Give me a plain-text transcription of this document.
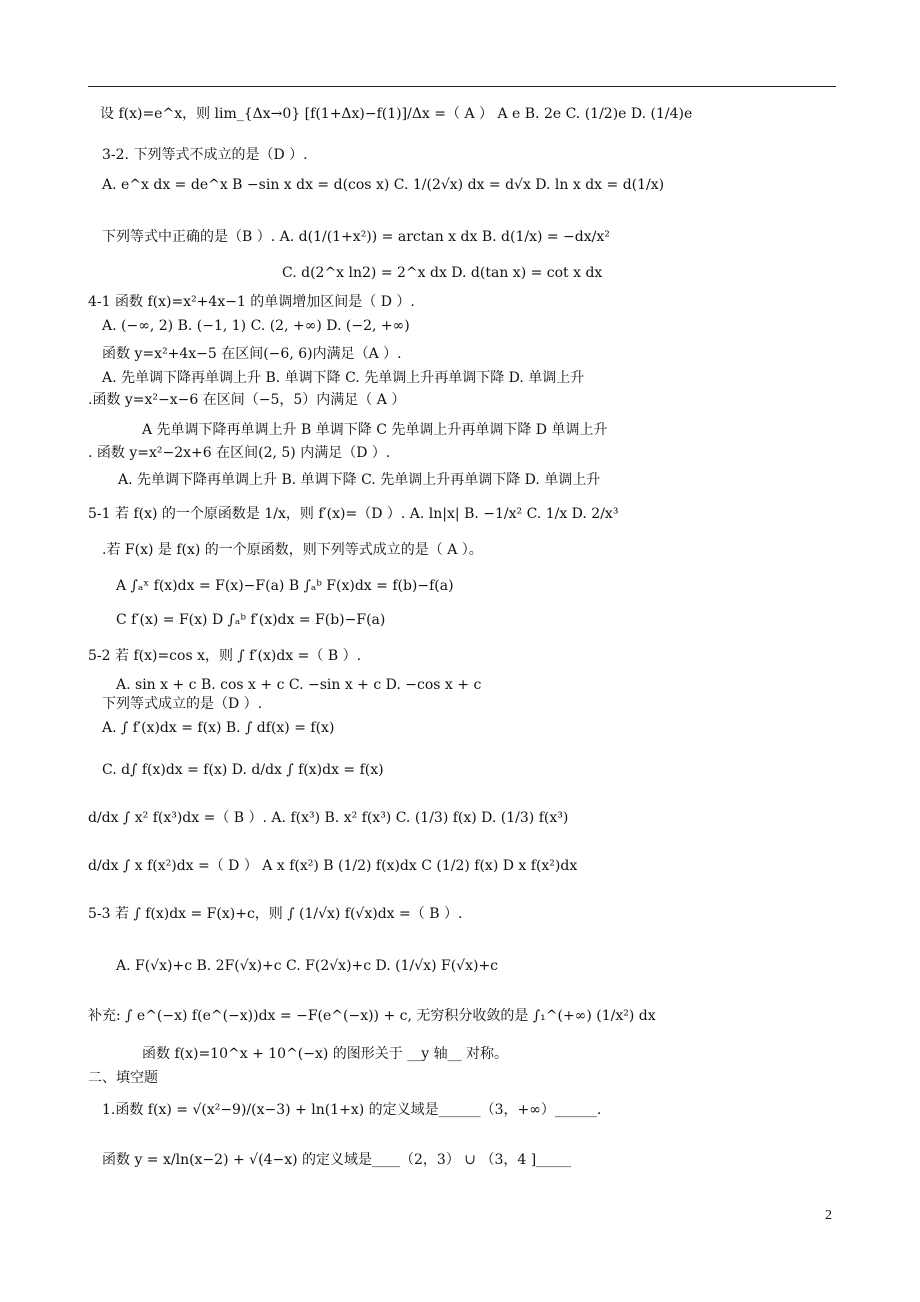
设 f(x)=e^x，则 lim_{Δx→0} [f(1+Δx)−f(1)]/Δx =（ A ） A e B. 2e C. (1/2)e D. (1/4)e
3-2. 下列等式不成立的是（D ）.
A. e^x dx = de^x B −sin x dx = d(cos x) C. 1/(2√x) dx = d√x D. ln x dx = d(1/x)
下列等式中正确的是（B ）. A. d(1/(1+x²)) = arctan x dx B. d(1/x) = −dx/x²
C. d(2^x ln2) = 2^x dx D. d(tan x) = cot x dx
4-1 函数 f(x)=x²+4x−1 的单调增加区间是（ D ）.
A. (−∞, 2) B. (−1, 1) C. (2, +∞) D. (−2, +∞)
函数 y=x²+4x−5 在区间(−6, 6)内满足（A ）.
A. 先单调下降再单调上升 B. 单调下降 C. 先单调上升再单调下降 D. 单调上升
.函数 y=x²−x−6 在区间（−5，5）内满足（ A ）
A 先单调下降再单调上升 B 单调下降 C 先单调上升再单调下降 D 单调上升
. 函数 y=x²−2x+6 在区间(2, 5) 内满足（D ）.
A. 先单调下降再单调上升 B. 单调下降 C. 先单调上升再单调下降 D. 单调上升
5-1 若 f(x) 的一个原函数是 1/x，则 f′(x)=（D ）. A. ln|x| B. −1/x² C. 1/x D. 2/x³
.若 F(x) 是 f(x) 的一个原函数，则下列等式成立的是（ A ）。
A ∫ₐˣ f(x)dx = F(x)−F(a) B ∫ₐᵇ F(x)dx = f(b)−f(a)
C f′(x) = F(x) D ∫ₐᵇ f′(x)dx = F(b)−F(a)
5-2 若 f(x)=cos x，则 ∫ f′(x)dx =（ B ）.
A. sin x + c B. cos x + c C. −sin x + c D. −cos x + c
下列等式成立的是（D ）.
A. ∫ f′(x)dx = f(x) B. ∫ df(x) = f(x)
C. d∫ f(x)dx = f(x) D. d/dx ∫ f(x)dx = f(x)
d/dx ∫ x² f(x³)dx =（ B ）. A. f(x³) B. x² f(x³) C. (1/3) f(x) D. (1/3) f(x³)
d/dx ∫ x f(x²)dx =（ D ） A x f(x²) B (1/2) f(x)dx C (1/2) f(x) D x f(x²)dx
5-3 若 ∫ f(x)dx = F(x)+c，则 ∫ (1/√x) f(√x)dx =（ B ）.
A. F(√x)+c B. 2F(√x)+c C. F(2√x)+c D. (1/√x) F(√x)+c
补充: ∫ e^(−x) f(e^(−x))dx = −F(e^(−x)) + c, 无穷积分收敛的是 ∫₁^(+∞) (1/x²) dx
函数 f(x)=10^x + 10^(−x) 的图形关于 __y 轴__ 对称。
二、填空题
1.函数 f(x) = √(x²−9)/(x−3) + ln(1+x) 的定义域是______（3，+∞）______.
函数 y = x/ln(x−2) + √(4−x) 的定义域是____（2，3） ∪ （3，4 ]_____
2
